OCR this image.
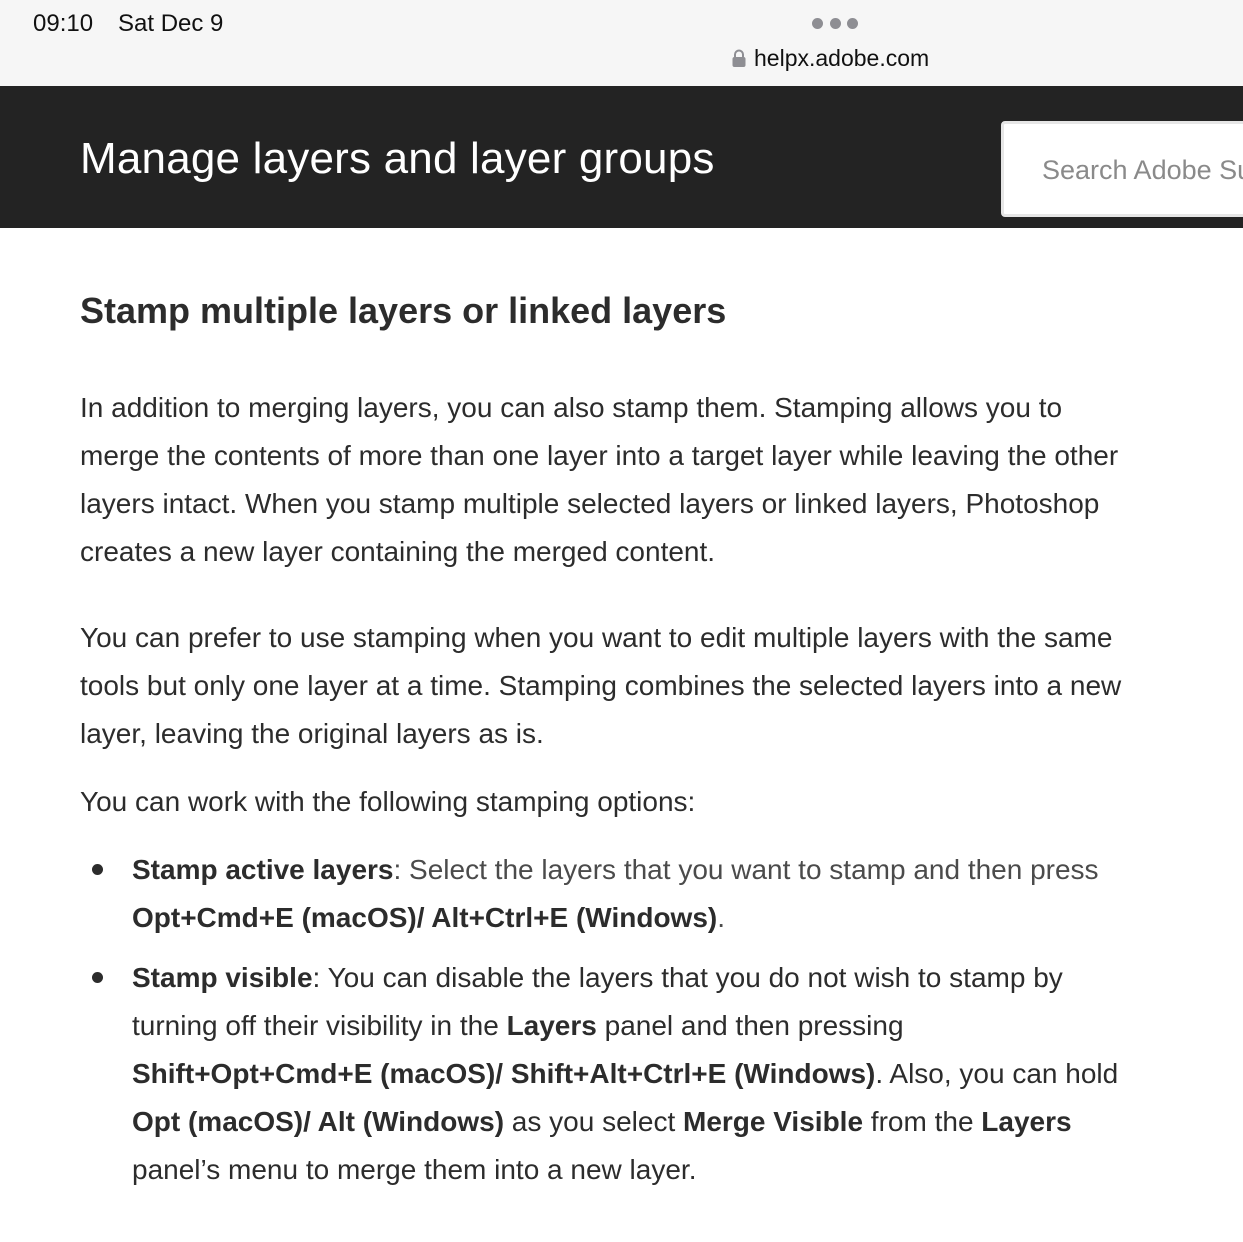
09:10 Sat Dec 9
helpx.adobe.com
Manage layers and layer groups
Search Adobe Support
Stamp multiple layers or linked layers

In addition to merging layers, you can also stamp them. Stamping allows you to merge the contents of more than one layer into a target layer while leaving the other layers intact. When you stamp multiple selected layers or linked layers, Photoshop creates a new layer containing the merged content.

You can prefer to use stamping when you want to edit multiple layers with the same tools but only one layer at a time. Stamping combines the selected layers into a new layer, leaving the original layers as is.

You can work with the following stamping options:

Stamp active layers: Select the layers that you want to stamp and then press Opt+Cmd+E (macOS)/ Alt+Ctrl+E (Windows).
Stamp visible: You can disable the layers that you do not wish to stamp by turning off their visibility in the Layers panel and then pressing Shift+Opt+Cmd+E (macOS)/ Shift+Alt+Ctrl+E (Windows). Also, you can hold Opt (macOS)/ Alt (Windows) as you select Merge Visible from the Layers panel’s menu to merge them into a new layer.
